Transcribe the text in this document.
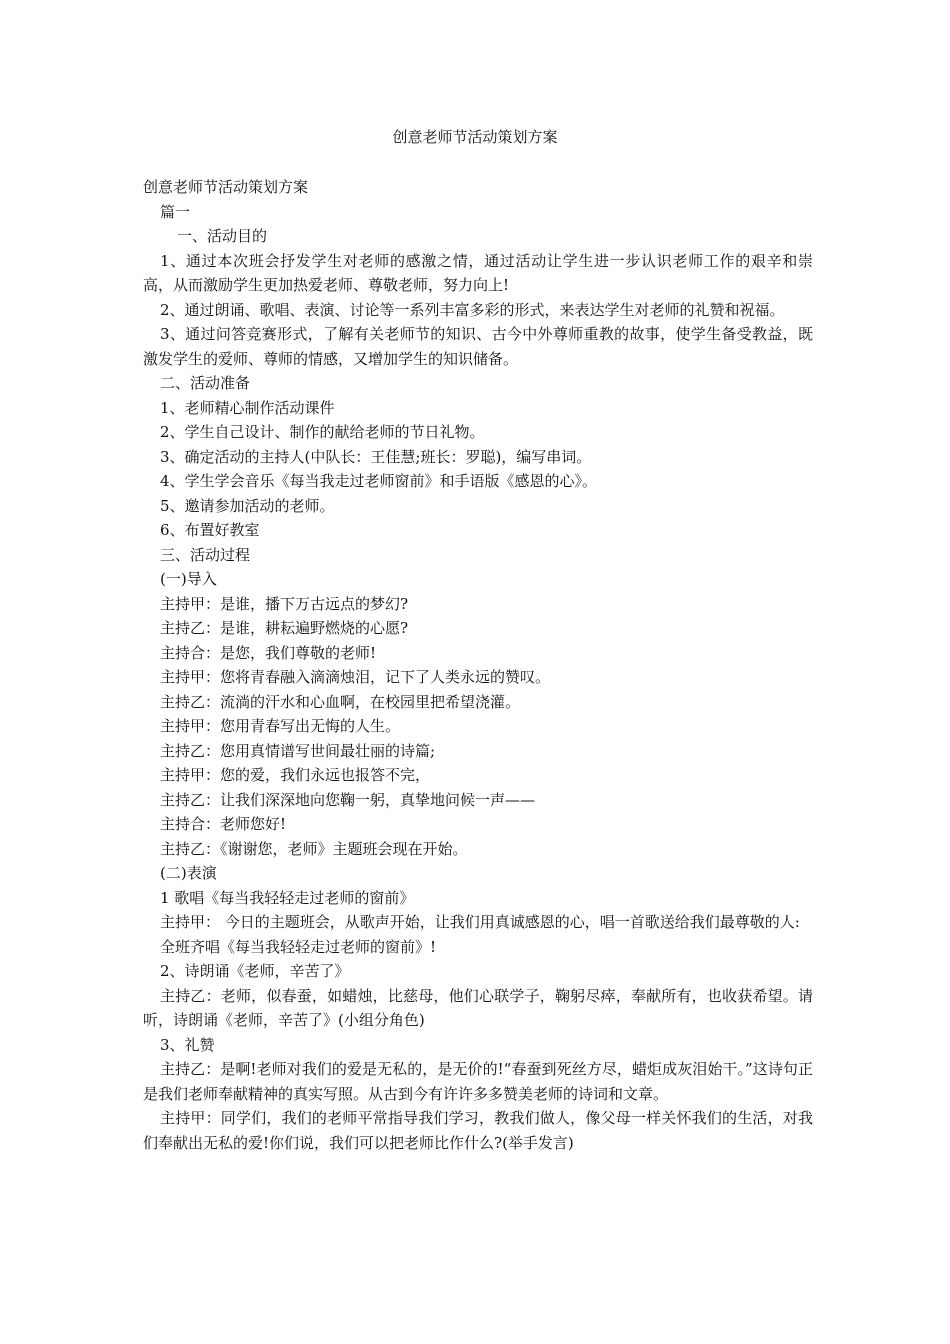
创意老师节活动策划方案

创意老师节活动策划方案

篇一

一、活动目的

1、通过本次班会抒发学生对老师的感激之情，通过活动让学生进一步认识老师工作的艰辛和崇高，从而激励学生更加热爱老师、尊敬老师，努力向上!

2、通过朗诵、歌唱、表演、讨论等一系列丰富多彩的形式，来表达学生对老师的礼赞和祝福。

3、通过问答竞赛形式，了解有关老师节的知识、古今中外尊师重教的故事，使学生备受教益，既激发学生的爱师、尊师的情感，又增加学生的知识储备。

二、活动准备

1、老师精心制作活动课件

2、学生自己设计、制作的献给老师的节日礼物。

3、确定活动的主持人(中队长：王佳慧;班长：罗聪)，编写串词。

4、学生学会音乐《每当我走过老师窗前》和手语版《感恩的心》。

5、邀请参加活动的老师。

6、布置好教室

三、活动过程

(一)导入

主持甲：是谁，播下万古远点的梦幻?

主持乙：是谁，耕耘遍野燃烧的心愿?

主持合：是您，我们尊敬的老师!

主持甲：您将青春融入滴滴烛泪，记下了人类永远的赞叹。

主持乙：流淌的汗水和心血啊，在校园里把希望浇灌。

主持甲：您用青春写出无悔的人生。

主持乙：您用真情谱写世间最壮丽的诗篇;

主持甲：您的爱，我们永远也报答不完，

主持乙：让我们深深地向您鞠一躬，真挚地问候一声——

主持合：老师您好!

主持乙：《谢谢您，老师》主题班会现在开始。

(二)表演

1 歌唱《每当我轻轻走过老师的窗前》

主持甲： 今日的主题班会，从歌声开始，让我们用真诚感恩的心，唱一首歌送给我们最尊敬的人:

全班齐唱《每当我轻轻走过老师的窗前》!

2、诗朗诵《老师，辛苦了》

主持乙：老师，似春蚕，如蜡烛，比慈母，他们心联学子，鞠躬尽瘁，奉献所有，也收获希望。请听，诗朗诵《老师，辛苦了》(小组分角色)

3、礼赞

主持乙：是啊!老师对我们的爱是无私的，是无价的!“春蚕到死丝方尽，蜡炬成灰泪始干。”这诗句正是我们老师奉献精神的真实写照。从古到今有许许多多赞美老师的诗词和文章。

主持甲：同学们，我们的老师平常指导我们学习，教我们做人，像父母一样关怀我们的生活，对我们奉献出无私的爱!你们说，我们可以把老师比作什么?(举手发言)
